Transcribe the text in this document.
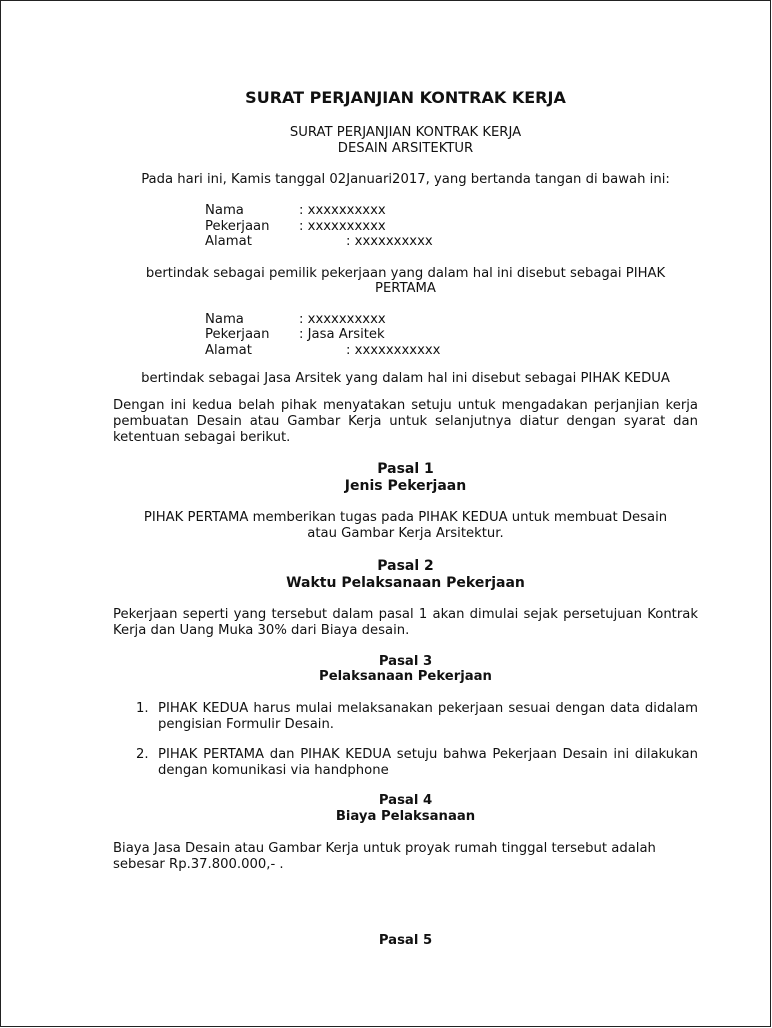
SURAT PERJANJIAN KONTRAK KERJA

SURAT PERJANJIAN KONTRAK KERJA

DESAIN ARSITEKTUR

Pada hari ini, Kamis tanggal 02Januari2017, yang bertanda tangan di bawah ini:

Nama	: xxxxxxxxxx

Pekerjaan : xxxxxxxxxx

Alamat	: xxxxxxxxxx

bertindak sebagai pemilik pekerjaan yang dalam hal ini disebut sebagai PIHAK

PERTAMA

Nama	: xxxxxxxxxx

Pekerjaan : Jasa Arsitek

Alamat	: xxxxxxxxxxx

bertindak sebagai Jasa Arsitek yang dalam hal ini disebut sebagai PIHAK KEDUA

Dengan ini kedua belah pihak menyatakan setuju untuk mengadakan perjanjian kerja pembuatan Desain atau Gambar Kerja untuk selanjutnya diatur dengan syarat dan ketentuan sebagai berikut.

Pasal 1

Jenis Pekerjaan

PIHAK PERTAMA memberikan tugas pada PIHAK KEDUA untuk membuat Desain

atau Gambar Kerja Arsitektur.

Pasal 2

Waktu Pelaksanaan Pekerjaan

Pekerjaan seperti yang tersebut dalam pasal 1 akan dimulai sejak persetujuan Kontrak Kerja dan Uang Muka 30% dari Biaya desain.

Pasal 3

Pelaksanaan Pekerjaan

1. PIHAK KEDUA harus mulai melaksanakan pekerjaan sesuai dengan data didalam pengisian Formulir Desain.

2. PIHAK PERTAMA dan PIHAK KEDUA setuju bahwa Pekerjaan Desain ini dilakukan dengan komunikasi via handphone

Pasal 4

Biaya Pelaksanaan

Biaya Jasa Desain atau Gambar Kerja untuk proyak rumah tinggal tersebut adalah

sebesar Rp.37.800.000,- .

Pasal 5
